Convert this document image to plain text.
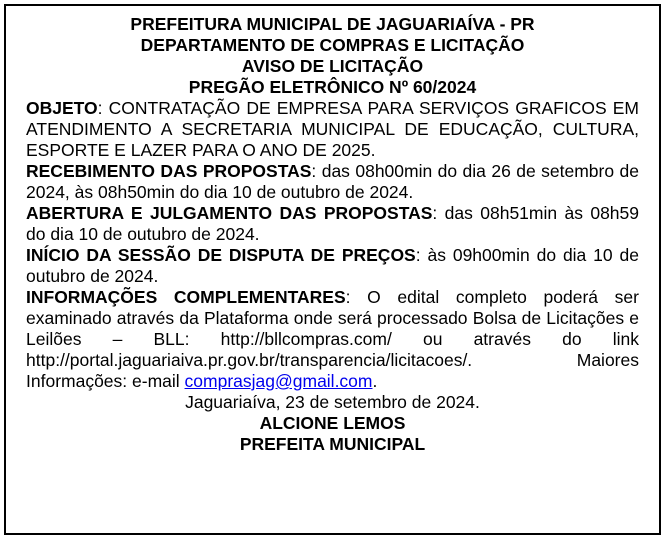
PREFEITURA MUNICIPAL DE JAGUARIAÍVA - PR
DEPARTAMENTO DE COMPRAS E LICITAÇÃO
AVISO DE LICITAÇÃO
PREGÃO ELETRÔNICO Nº 60/2024
OBJETO: CONTRATAÇÃO DE EMPRESA PARA SERVIÇOS GRAFICOS EM ATENDIMENTO A SECRETARIA MUNICIPAL DE EDUCAÇÃO, CULTURA, ESPORTE E LAZER PARA O ANO DE 2025.
RECEBIMENTO DAS PROPOSTAS: das 08h00min do dia 26 de setembro de 2024, às 08h50min do dia 10 de outubro de 2024.
ABERTURA E JULGAMENTO DAS PROPOSTAS: das 08h51min às 08h59 do dia 10 de outubro de 2024.
INÍCIO DA SESSÃO DE DISPUTA DE PREÇOS: às 09h00min do dia 10 de outubro de 2024.
INFORMAÇÕES COMPLEMENTARES: O edital completo poderá ser examinado através da Plataforma onde será processado Bolsa de Licitações e Leilões – BLL: http://bllcompras.com/ ou através do link http://portal.jaguariaiva.pr.gov.br/transparencia/licitacoes/. Maiores Informações: e-mail comprasjag@gmail.com.
Jaguariaíva, 23 de setembro de 2024.
ALCIONE LEMOS
PREFEITA MUNICIPAL
